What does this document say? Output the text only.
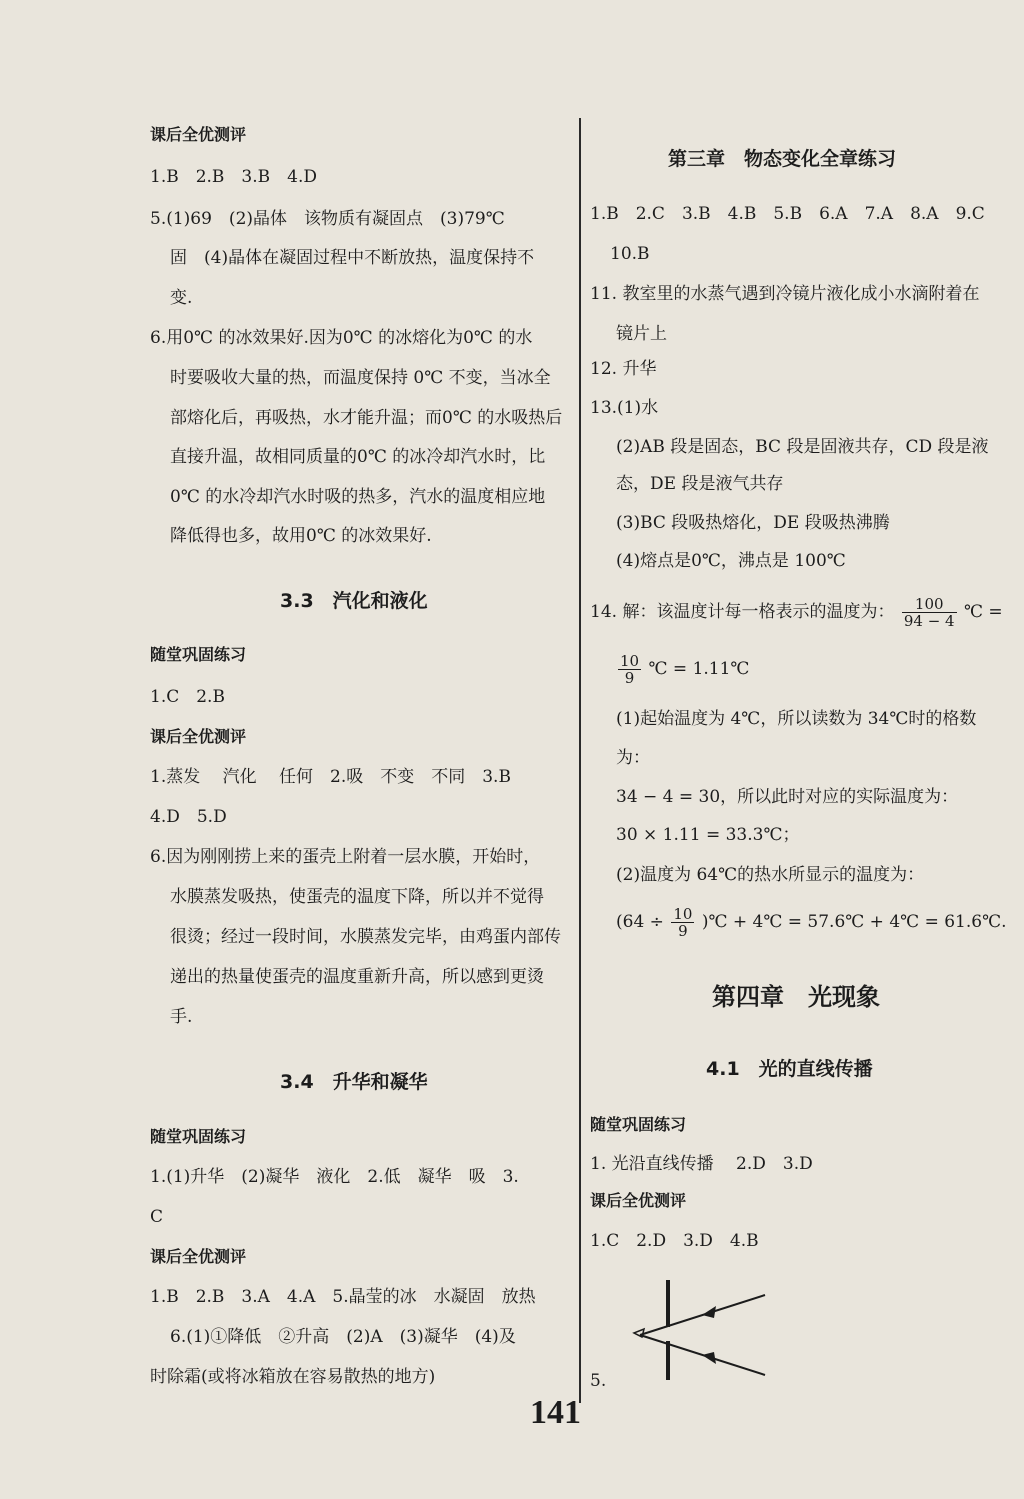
课后全优测评
1.B　2.B　3.B　4.D
5.(1)69　(2)晶体　该物质有凝固点　(3)79℃
固　(4)晶体在凝固过程中不断放热，温度保持不
变.
6.用0℃ 的冰效果好.因为0℃ 的冰熔化为0℃ 的水
时要吸收大量的热，而温度保持 0℃ 不变，当冰全
部熔化后，再吸热，水才能升温；而0℃ 的水吸热后
直接升温，故相同质量的0℃ 的冰冷却汽水时，比
0℃ 的水冷却汽水时吸的热多，汽水的温度相应地
降低得也多，故用0℃ 的冰效果好.
3.3　汽化和液化
随堂巩固练习
1.C　2.B
课后全优测评
1.蒸发　 汽化　 任何　2.吸　不变　不同　3.B
4.D　5.D
6.因为刚刚捞上来的蛋壳上附着一层水膜，开始时，
水膜蒸发吸热，使蛋壳的温度下降，所以并不觉得
很烫；经过一段时间，水膜蒸发完毕，由鸡蛋内部传
递出的热量使蛋壳的温度重新升高，所以感到更烫
手.
3.4　升华和凝华
随堂巩固练习
1.(1)升华　(2)凝华　液化　2.低　凝华　吸　3.
C
课后全优测评
1.B　2.B　3.A　4.A　5.晶莹的冰　水凝固　放热
6.(1)①降低　②升高　(2)A　(3)凝华　(4)及
时除霜(或将冰箱放在容易散热的地方)
第三章　物态变化全章练习
1.B　2.C　3.B　4.B　5.B　6.A　7.A　8.A　9.C
10.B
11. 教室里的水蒸气遇到冷镜片液化成小水滴附着在
镜片上
12. 升华
13.(1)水
(2)AB 段是固态，BC 段是固液共存，CD 段是液
态，DE 段是液气共存
(3)BC 段吸热熔化，DE 段吸热沸腾
(4)熔点是0℃，沸点是 100℃
14. 解：该温度计每一格表示的温度为： $\frac{100}{94 - 4}$ ℃ =
$\frac{10}{9}$ ℃ = 1.11℃
(1)起始温度为 4℃，所以读数为 34℃时的格数
为：
34 − 4 = 30，所以此时对应的实际温度为：
30 × 1.11 = 33.3℃；
(2)温度为 64℃的热水所显示的温度为：
($64 \div \frac{10}{9}$ )℃ + 4℃ = 57.6℃ + 4℃ = 61.6℃.
第四章　光现象
4.1　光的直线传播
随堂巩固练习
1. 光沿直线传播　 2.D　3.D
课后全优测评
1.C　2.D　3.D　4.B
5.
141
